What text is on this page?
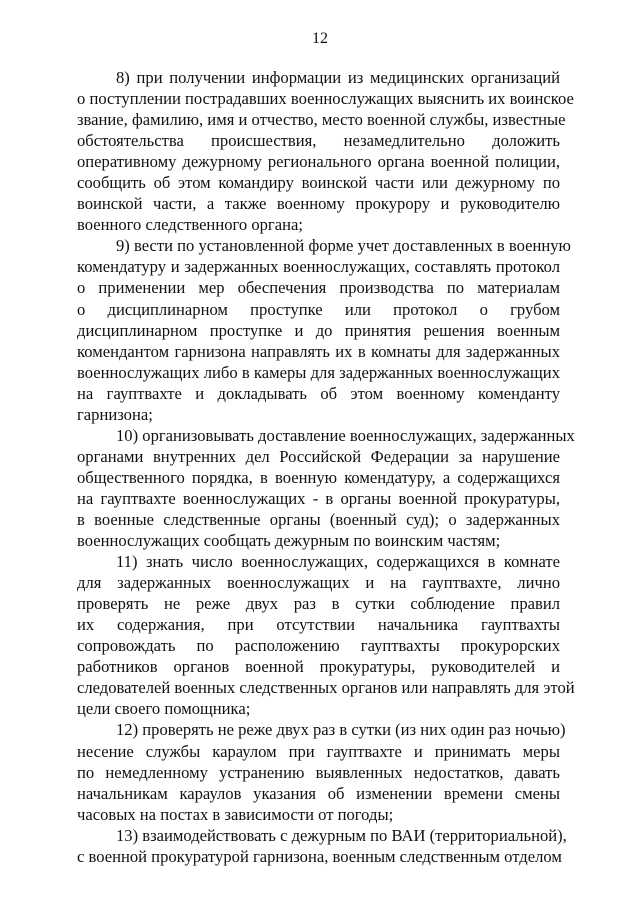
12
8) при получении информации из медицинских организаций
о поступлении пострадавших военнослужащих выяснить их воинское
звание, фамилию, имя и отчество, место военной службы, известные
обстоятельства происшествия, незамедлительно доложить
оперативному дежурному регионального органа военной полиции,
сообщить об этом командиру воинской части или дежурному по
воинской части, а также военному прокурору и руководителю
военного следственного органа;
9) вести по установленной форме учет доставленных в военную
комендатуру и задержанных военнослужащих, составлять протокол
о применении мер обеспечения производства по материалам
о дисциплинарном проступке или протокол о грубом
дисциплинарном проступке и до принятия решения военным
комендантом гарнизона направлять их в комнаты для задержанных
военнослужащих либо в камеры для задержанных военнослужащих
на гауптвахте и докладывать об этом военному коменданту
гарнизона;
10) организовывать доставление военнослужащих, задержанных
органами внутренних дел Российской Федерации за нарушение
общественного порядка, в военную комендатуру, а содержащихся
на гауптвахте военнослужащих - в органы военной прокуратуры,
в военные следственные органы (военный суд); о задержанных
военнослужащих сообщать дежурным по воинским частям;
11) знать число военнослужащих, содержащихся в комнате
для задержанных военнослужащих и на гауптвахте, лично
проверять не реже двух раз в сутки соблюдение правил
их содержания, при отсутствии начальника гауптвахты
сопровождать по расположению гауптвахты прокурорских
работников органов военной прокуратуры, руководителей и
следователей военных следственных органов или направлять для этой
цели своего помощника;
12) проверять не реже двух раз в сутки (из них один раз ночью)
несение службы караулом при гауптвахте и принимать меры
по немедленному устранению выявленных недостатков, давать
начальникам караулов указания об изменении времени смены
часовых на постах в зависимости от погоды;
13) взаимодействовать с дежурным по ВАИ (территориальной),
с военной прокуратурой гарнизона, военным следственным отделом
